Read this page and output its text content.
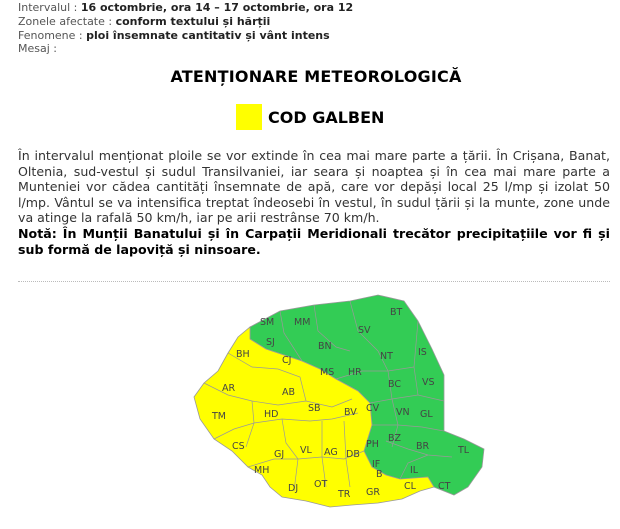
Intervalul : 16 octombrie, ora 14 – 17 octombrie, ora 12
Zonele afectate : conform textului și hărții
Fenomene : ploi însemnate cantitativ și vânt intens
Mesaj :
ATENȚIONARE METEOROLOGICĂ
COD GALBEN

În intervalul menționat ploile se vor extinde în cea mai mare parte a țării. În Crișana, Banat, Oltenia, sud-vestul și sudul Transilvaniei, iar seara și noaptea și în cea mai mare parte a Munteniei vor cădea cantități însemnate de apă, care vor depăși local 25 l/mp și izolat 50 l/mp. Vântul se va intensifica treptat îndeosebi în vestul, în sudul țării și la munte, zone unde va atinge la rafală 50 km/h, iar pe arii restrânse 70 km/h.

Notă: În Munții Banatului și în Carpații Meridionali trecător precipitațiile vor fi și sub formă de lapoviță și ninsoare.

SM MM
SV
BT
SJ	BN
CJ	NT	IS
BH
MS HR
BC VS
AR	AB
CV
TM	HD
SB BV	VN GL
CS
BZ
PH	BR	TL
MH
GJ VL AG DB
IF
B	IL
DJ OT
TR GR
CL CT
